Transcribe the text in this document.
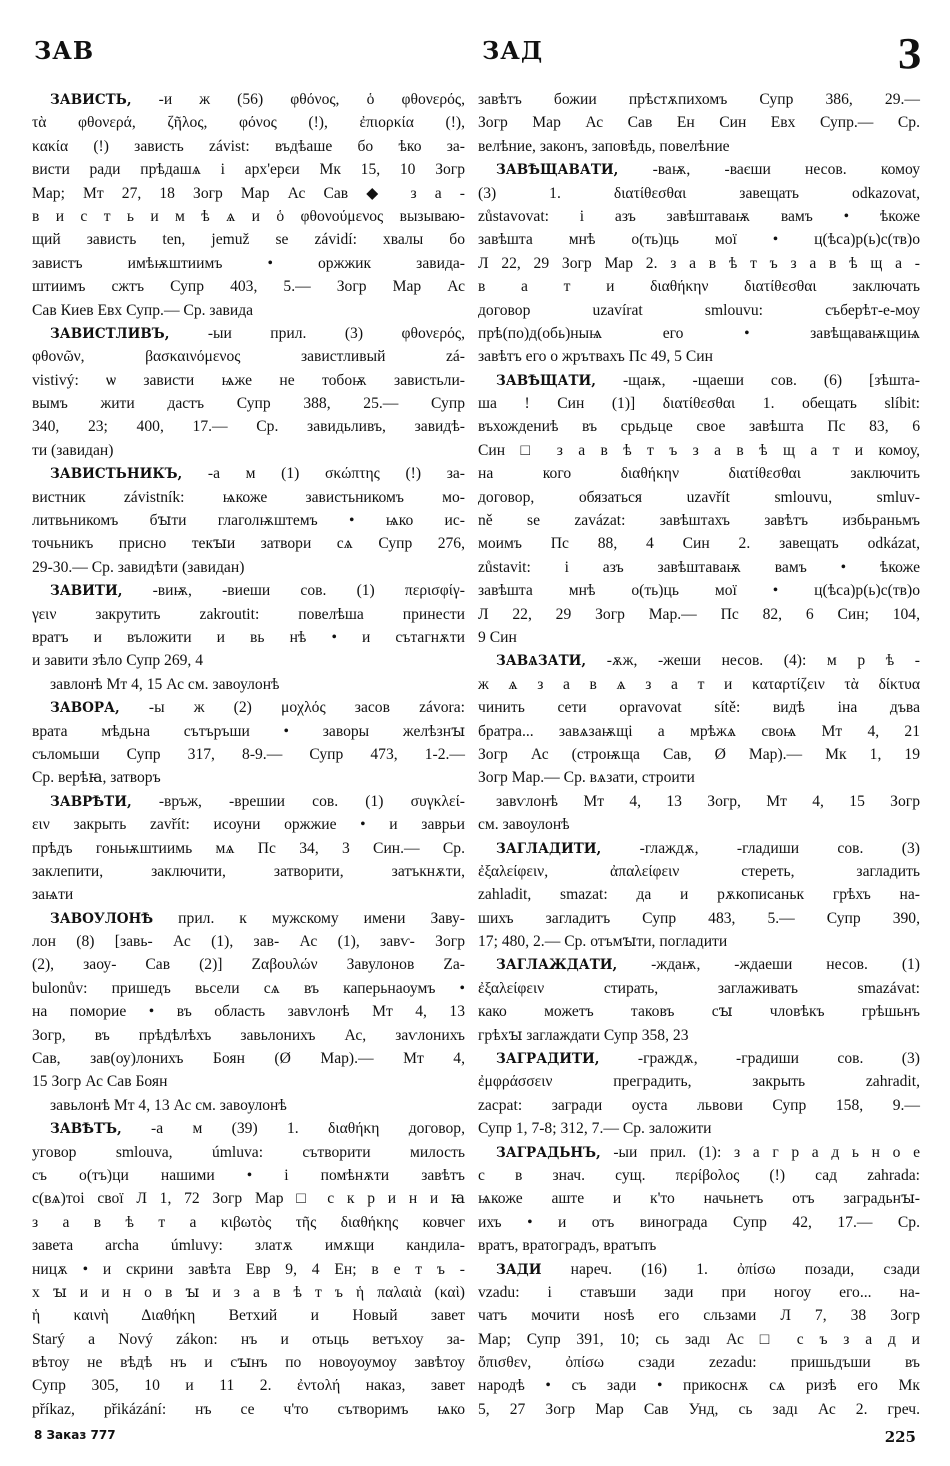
ЗАВ	ЗАД	З
ЗАВИСТЬ, -и ж (56) φθόνος, ὁ φθονερός,
τὰ φθονερά, ζῆλος, φόνος (!), ἐπιορκία (!),
κακία (!) зависть závist: въдѣаше бо ѣко за-
висти ради прѣдашѧ і арх'ерєи Мк 15, 10 Зогр
Мар; Мт 27, 18 Зогр Мар Ас Сав ◆ з а -
в и с т ь и м ѣ ѧ и ὁ φθονούμενος вызываю-
щий зависть ten, jemuž se závidí: хвалы бо
завистъ имѣѭштиимъ • оржжик завида-
штиимъ сжтъ Супр 403, 5.— Зогр Мар Ас
Сав Киев Евх Супр.— Ср. завида
ЗАВИСТЛИВЪ, -ыи прил. (3) φθονερός,
φθονῶν, βασκαινόμενος завистливый zá-
vistivý: ѡ зависти ѩже не тобоѭ завистьли-
вымъ жити дастъ Супр 388, 25.— Супр
340, 23; 400, 17.— Ср. завидьливъ, завидѣ-
ти (завидан)
ЗАВИСТЬНИКЪ, -а м (1) σκώπτης (!) за-
вистник závistník: ѩкоже завистьникомъ мо-
литвьникомъ бꙑти глаголѭштемъ • ѩко ис-
точьникъ присно текꙑи затвори сѧ Супр 276,
29-30.— Ср. завидѣти (завидан)
ЗАВИТИ, -виѭ, -виеши сов. (1) περισφίγ-
γειν закрутить zakroutit: повелѣша принести
вратъ и въложити и вь нѣ • и сътагнѫти
и завити зѣло Супр 269, 4
завлонѣ Мт 4, 15 Ас см. завоулонѣ
ЗАВОРА, -ы ж (2) μοχλός засов závora:
врата мѣдьна сътъръши • заворы желѣзнꙑ
съломьши Супр 317, 8-9.— Супр 473, 1-2.—
Ср. верѣꙗ, затворъ
ЗАВРѢТИ, -връж, -врешии сов. (1) συγκλεί-
ειν закрыть zavřít: исоуни оржжие • и заврьи
прѣдъ гоньѭштиимь мѧ Пс 34, 3 Син.— Ср.
заклепити, заключити, затворити, затъкнѫти,
заѩти
ЗАВОУЛОНѢ прил. к мужскому имени Заву-
лон (8) [завь- Ас (1), зав- Ас (1), завѵ- Зогр
(2), заоу- Сав (2)] Ζαβουλών Завулонов Za-
bulonův: пришедъ вьсели сѧ въ каперьнаоумъ •
на поморие • въ область завѵлонѣ Мт 4, 13
Зогр, въ прѣдѣлѣхъ завьлонихъ Ас, заѵлонихъ
Сав, зав(оу)лонихъ Боян (Ø Мар).— Мт 4,
15 Зогр Ас Сав Боян
завьлонѣ Мт 4, 13 Ас см. завоулонѣ
ЗАВѢТЪ, -а м (39) 1. διαθήκη договор,
уговор smlouva, úmluva: сътворити милость
съ о(тъ)ци нашими • і помѣнѫти завѣтъ
с(вѧ)тоі свої Л 1, 72 Зогр Мар □ с к р и н и ꙗ
з а в ѣ т а κιβωτὸς τῆς διαθήκης ковчег
завета archa úmluvy: златѫ имѫщи кандила-
ницѫ • и скрини завѣта Евр 9, 4 Ен; в е т ъ -
х ꙑ и и н о в ꙑ и з а в ѣ т ъ ἡ παλαιὰ (καὶ)
ἡ καινὴ Διαθήκη Ветхий и Новый завет
Starý a Nový zákon: нъ и отьць ветъхоу за-
вѣтоу не вѣдѣ нъ и сꙑнъ по новоуоумоу завѣтоу
Супр 305, 10 и 11 2. ἐντολή наказ, завет
příkaz, přikázání: нъ се ч'то сътворимъ ѩко
завѣтъ божии прѣстѫпихомъ Супр 386, 29.—
Зогр Мар Ас Сав Ен Син Евх Супр.— Ср.
велѣние, законъ, заповѣдь, повелѣние
ЗАВѢЩАВАТИ, -ваѭ, -ваєши несов. комоу
(3) 1. διατίθεσθαι завещать odkazovat,
zůstavovat: і азъ завѣштаваѭ вамъ • ѣкоже
завѣшта мнѣ о(ть)ць мої • ц(ѣса)р(ь)с(тв)о
Л 22, 29 Зогр Мар 2. з а в ѣ т ъ з а в ѣ щ а -
в а т и διαθήκην διατίθεσθαι заключать
договор uzavírat smlouvu: съберѣт-е-моу
прѣ(по)д(обь)ныѩ его • завѣщаваѭщиѩ
завѣтъ его о жрътвахъ Пс 49, 5 Син
ЗАВѢЩАТИ, -щаѭ, -щаеши сов. (6) [зѣшта-
ша ! Син (1)] διατίθεσθαι 1. обещать slíbit:
въхождениѣ въ срьдьце свое завѣшта Пс 83, 6
Син □ з а в ѣ т ъ з а в ѣ щ а т и комоу,
на кого διαθήκην διατίθεσθαι заключить
договор, обязаться uzavřít smlouvu, smluv-
ně se zavázat: завѣштахъ завѣтъ избьраньмъ
моимъ Пс 88, 4 Син 2. завещать odkázat,
zůstavit: і азъ завѣштаваѭ вамъ • ѣкоже
завѣшта мнѣ о(ть)ць мої • ц(ѣса)р(ь)с(тв)о
Л 22, 29 Зогр Мар.— Пс 82, 6 Син; 104,
9 Син
ЗАВѦЗАТИ, -ѫж, -жеши несов. (4): м р ѣ -
ж ѧ з а в ѧ з а т и καταρτίζειν τὰ δίκτυα
чинить сети opravovat sítě: видѣ іна дъва
братра... завѧзаѭщі а мрѣжѧ своѩ Мт 4, 21
Зогр Ас (строѭща Сав, Ø Мар).— Мк 1, 19
Зогр Мар.— Ср. вѧзати, строити
завѵлонѣ Мт 4, 13 Зогр, Мт 4, 15 Зогр
см. завоулонѣ
ЗАГЛАДИТИ, -глаждѫ, -гладиши сов. (3)
ἐξαλείφειν, ἀπαλείφειν стереть, загладить
zahladit, smazat: да и рѫкописаньк грѣхъ на-
шихъ загладитъ Супр 483, 5.— Супр 390,
17; 480, 2.— Ср. отъмꙑти, погладити
ЗАГЛАЖДАТИ, -ждаѭ, -ждаеши несов. (1)
ἐξαλείφειν стирать, заглаживать smazávat:
како можетъ таковъ сꙑ чловѣкъ грѣшьнъ
грѣхꙑ заглаждати Супр 358, 23
ЗАГРАДИТИ, -граждѫ, -градиши сов. (3)
ἐμφράσσειν преградить, закрыть zahradit,
zacpat: загради оуста львови Супр 158, 9.—
Супр 1, 7-8; 312, 7.— Ср. заложити
ЗАГРАДЬНЪ, -ыи прил. (1): з а г р а д ь н о е
с в знач. сущ. περίβολος (!) сад zahrada:
ѩкоже аште и к'то начьнетъ отъ заградьнꙑ-
ихъ • и отъ винограда Супр 42, 17.— Ср.
вратъ, вратоградъ, вратъпъ
ЗАДИ нареч. (16) 1. ὀπίσω позади, сзади
vzadu: і ставъши зади при ногоу его... на-
чатъ мочити ноѕѣ его сльзами Л 7, 38 Зогр
Мар; Супр 391, 10; сь задı Ас □ с ъ з а д и
ὄπισθεν, ὀπίσω сзади zezadu: пришьдъши въ
народѣ • съ зади • прикоснѫ сѧ ризѣ его Мк
5, 27 Зогр Мар Сав Унд, сь задı Ас 2. греч.
8 Заказ 777	225
